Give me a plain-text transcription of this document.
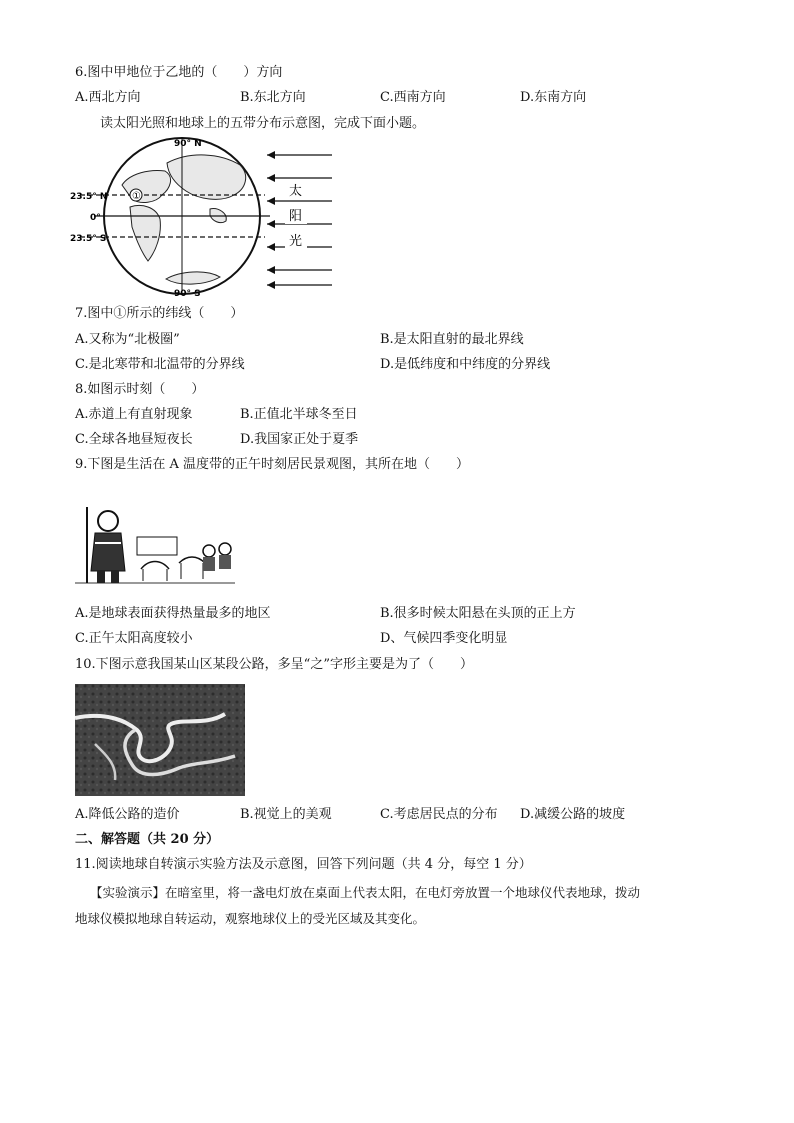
6.图中甲地位于乙地的（　　）方向
A.西北方向	B.东北方向	C.西南方向	D.东南方向
读太阳光照和地球上的五带分布示意图，完成下面小题。
①
90° N
90° S
23.5° N
0°
23.5° S
太
阳
光
7.图中①所示的纬线（　　）
A.又称为“北极圈”	B.是太阳直射的最北界线
C.是北寒带和北温带的分界线	D.是低纬度和中纬度的分界线
8.如图示时刻（　　）
A.赤道上有直射现象	B.正值北半球冬至日
C.全球各地昼短夜长	D.我国家正处于夏季
9.下图是生活在 A 温度带的正午时刻居民景观图，其所在地（　　）
A.是地球表面获得热量最多的地区	B.很多时候太阳悬在头顶的正上方
C.正午太阳高度较小	D、气候四季变化明显
10.下图示意我国某山区某段公路，多呈“之”字形主要是为了（　　）
A.降低公路的造价	B.视觉上的美观	C.考虑居民点的分布 D.减缓公路的坡度
二、解答题（共 20 分）
11.阅读地球自转演示实验方法及示意图，回答下列问题（共 4 分，每空 1 分）
【实验演示】在暗室里，将一盏电灯放在桌面上代表太阳，在电灯旁放置一个地球仪代表地球，拨动
地球仪模拟地球自转运动，观察地球仪上的受光区域及其变化。
